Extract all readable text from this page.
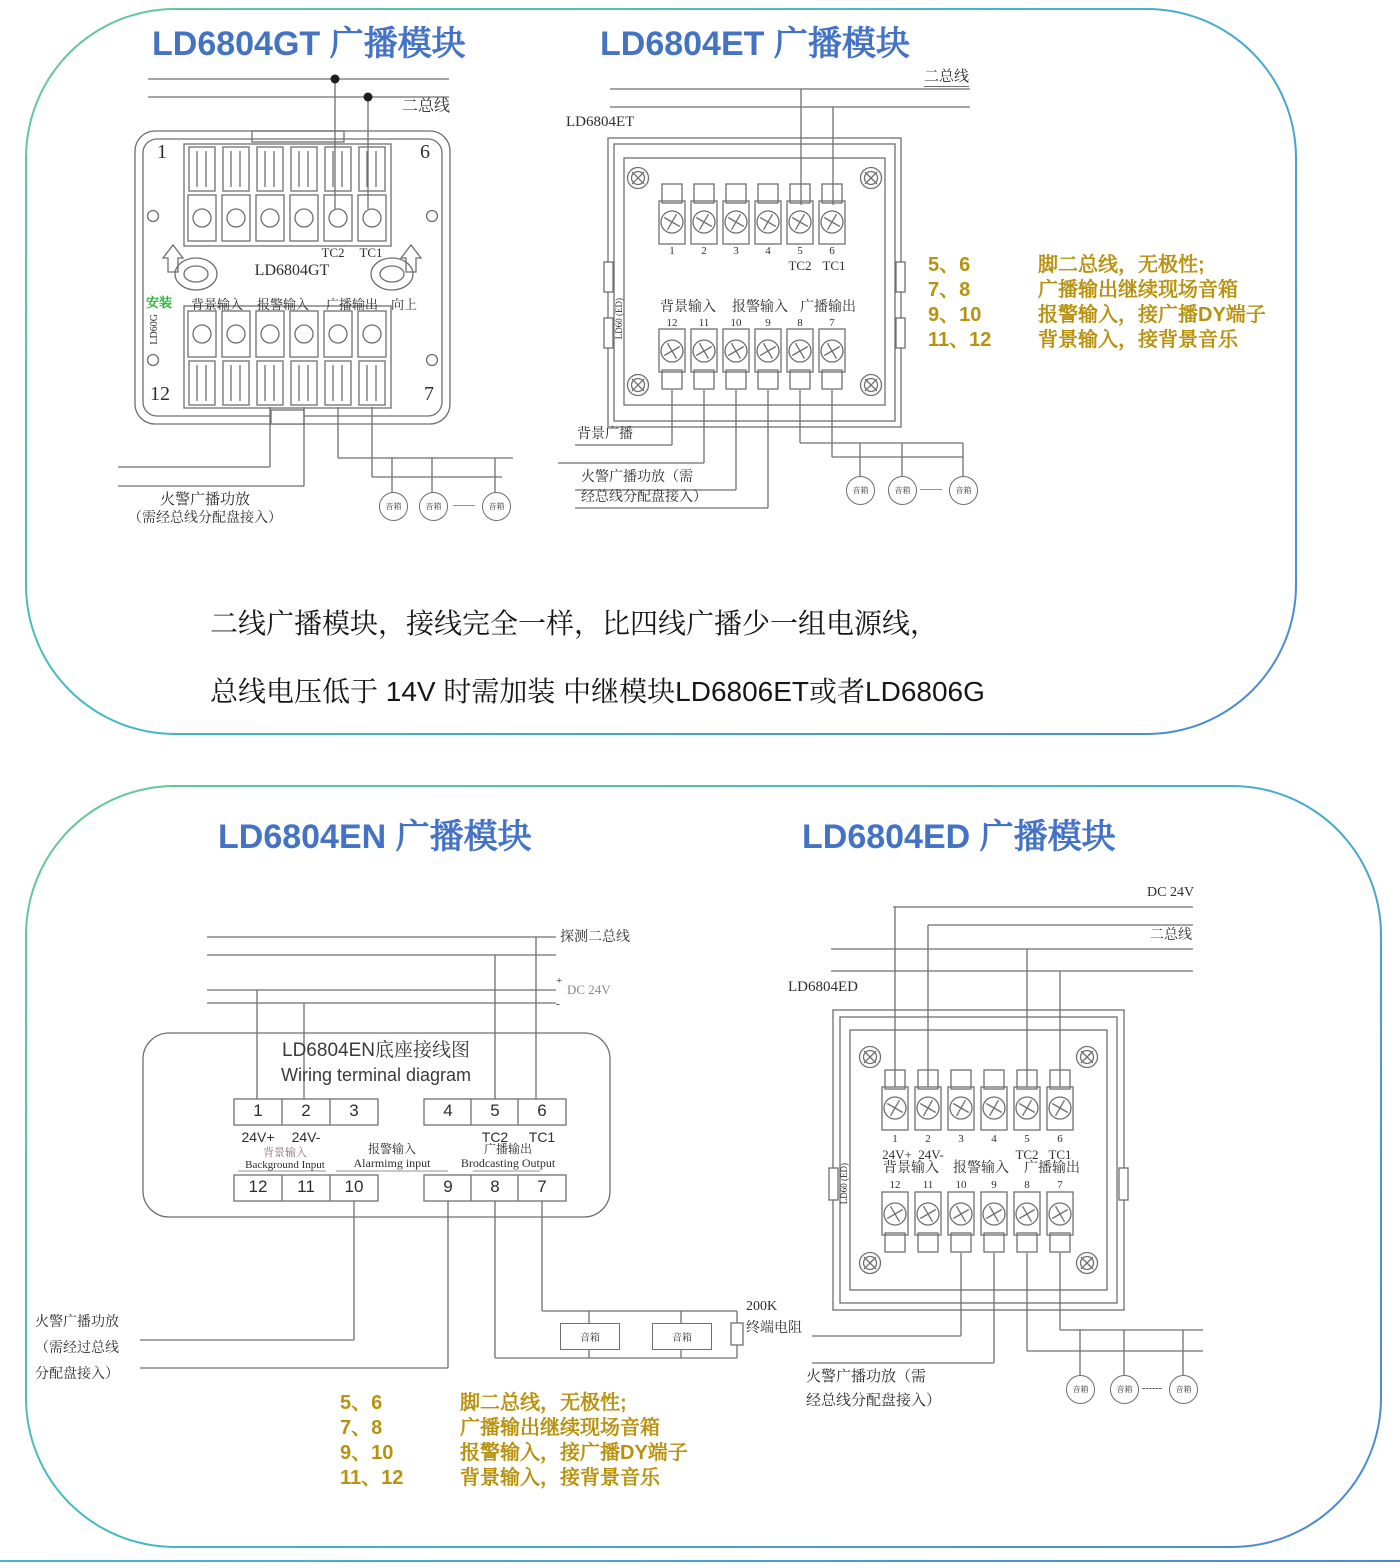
LD6804GT 广播模块	LD6804ET 广播模块
二总线
1	6
12	7
TC2 TC1
LD6804GT
安装
LD60G
背景输入 报警输入 广播输出 向上
火警广播功放
（需经总线分配盘接入）
音箱	音箱	音箱
——
二总线
LD6804ET
1 2 3 4 5 6
TC2 TC1
LD60 (ED)	背景输入 报警输入 广播输出
12 11 10 9 8 7
背景广播
火警广播功放（需
经总线分配盘接入）	音箱	音箱	音箱
——
5、6	脚二总线，无极性;
7、8	广播输出继续现场音箱
9、10	报警输入，接广播DY端子
11、12 背景输入，接背景音乐
二线广播模块，接线完全一样，比四线广播少一组电源线，
总线电压低于 14V 时需加装 中继模块LD6806ET或者LD6806G
LD6804EN 广播模块	LD6804ED 广播模块
探测二总线
+
DC 24V
-
LD6804EN底座接线图
Wiring terminal diagram
1 2 3	4 5 6
24V+ 24V-	TC2 TC1
背景输入
Background Input
报警输入
Alarmimg input
广播输出
Brodcasting Output
12 11 10	9 8 7
火警广播功放
（需经过总线
分配盘接入）
音箱	音箱
200K
终端电阻
5、6	脚二总线，无极性;
7、8	广播输出继续现场音箱
9、10	报警输入，接广播DY端子
11、12	背景输入，接背景音乐
DC 24V
二总线
LD6804ED
1	2	3	4	5	6
24V+ 24V-	TC2 TC1
LD60 (ED) 背景输入 报警输入 广播输出
12 11 10 9	8	7
火警广播功放（需
经总线分配盘接入）
音箱	音箱	音箱
------
